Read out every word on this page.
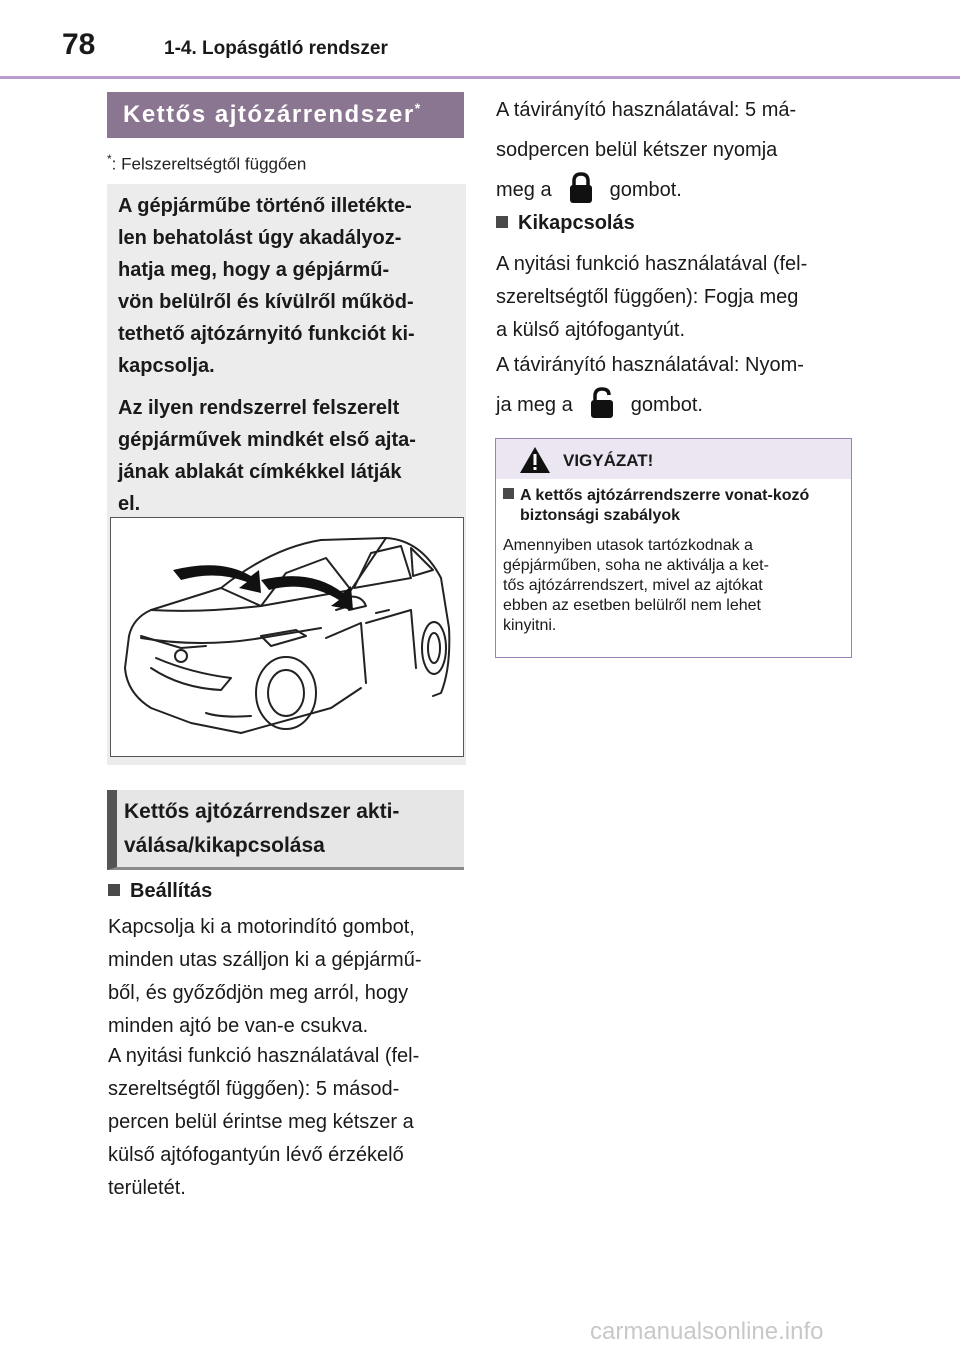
78	1-4. Lopásgátló rendszer
Kettős ajtózárrendszer*
*: Felszereltségtől függően

A gépjárműbe történő illetékte-
len behatolást úgy akadályoz-
hatja meg, hogy a gépjármű-
vön belülről és kívülről működ-
tethető ajtózárnyitó funkciót ki-
kapcsolja.

Az ilyen rendszerrel felszerelt
gépjárművek mindkét első ajta-
jának ablakát címkékkel látják
el.

Kettős ajtózárrendszer akti-
válása/kikapcsolása
Beállítás
Kapcsolja ki a motorindító gombot,
minden utas szálljon ki a gépjármű-
ből, és győződjön meg arról, hogy
minden ajtó be van-e csukva.
A nyitási funkció használatával (fel-
szereltségtől függően): 5 másod-
percen belül érintse meg kétszer a
külső ajtófogantyún lévő érzékelő
területét.
A távirányító használatával: 5 má-
sodpercen belül kétszer nyomja
meg a	gombot.
Kikapcsolás
A nyitási funkció használatával (fel-
szereltségtől függően): Fogja meg
a külső ajtófogantyút.
A távirányító használatával: Nyom-
ja meg a	gombot.
VIGYÁZAT!
A kettős ajtózárrendszerre vonat-kozó biztonsági szabályok
Amennyiben utasok tartózkodnak a
gépjárműben, soha ne aktiválja a ket-
tős ajtózárrendszert, mivel az ajtókat
ebben az esetben belülről nem lehet
kinyitni.
carmanualsonline.info
